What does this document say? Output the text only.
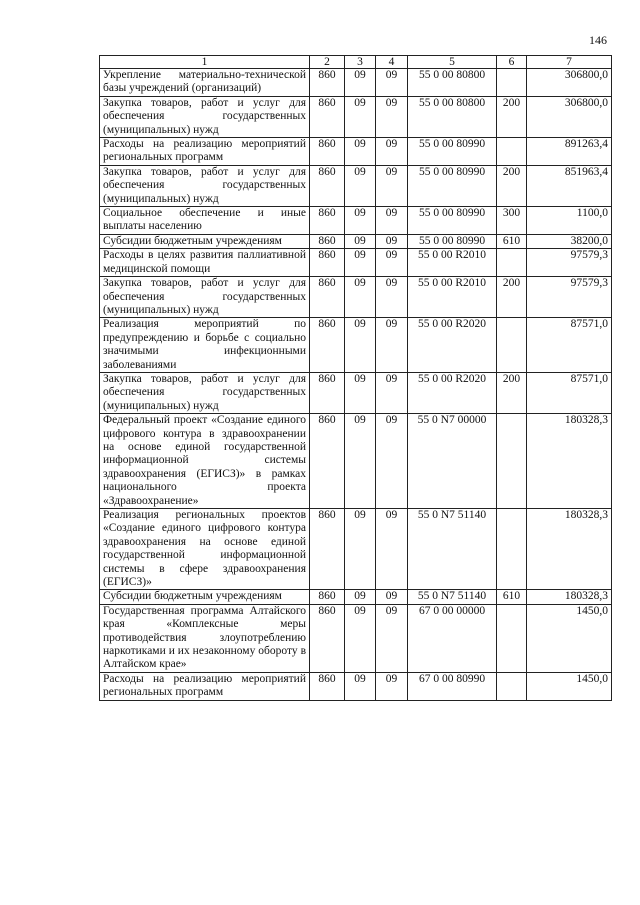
146
1	2	3	4	5	6	7
Укрепление материально-технической базы учреждений (организаций)	860	09	09	55 0 00 80800		306800,0
Закупка товаров, работ и услуг для обеспечения государственных (муниципальных) нужд	860	09	09	55 0 00 80800	200	306800,0
Расходы на реализацию мероприятий региональных программ	860	09	09	55 0 00 80990		891263,4
Закупка товаров, работ и услуг для обеспечения государственных (муниципальных) нужд	860	09	09	55 0 00 80990	200	851963,4
Социальное обеспечение и иные выплаты населению	860	09	09	55 0 00 80990	300	1100,0
Субсидии бюджетным учреждениям	860	09	09	55 0 00 80990	610	38200,0
Расходы в целях развития паллиативной медицинской помощи	860	09	09	55 0 00 R2010		97579,3
Закупка товаров, работ и услуг для обеспечения государственных (муниципальных) нужд	860	09	09	55 0 00 R2010	200	97579,3
Реализация мероприятий по предупреждению и борьбе с социально значимыми инфекционными заболеваниями	860	09	09	55 0 00 R2020		87571,0
Закупка товаров, работ и услуг для обеспечения государственных (муниципальных) нужд	860	09	09	55 0 00 R2020	200	87571,0
Федеральный проект «Создание единого цифрового контура в здравоохранении на основе единой государственной информационной системы здравоохранения (ЕГИСЗ)» в рамках национального проекта «Здравоохранение»	860	09	09	55 0 N7 00000		180328,3
Реализация региональных проектов «Создание единого цифрового контура здравоохранения на основе единой государственной информационной системы в сфере здравоохранения (ЕГИСЗ)»	860	09	09	55 0 N7 51140		180328,3
Субсидии бюджетным учреждениям	860	09	09	55 0 N7 51140	610	180328,3
Государственная программа Алтайского края «Комплексные меры противодействия злоупотреблению наркотиками и их незаконному обороту в Алтайском крае»	860	09	09	67 0 00 00000		1450,0
Расходы на реализацию мероприятий региональных программ	860	09	09	67 0 00 80990		1450,0
